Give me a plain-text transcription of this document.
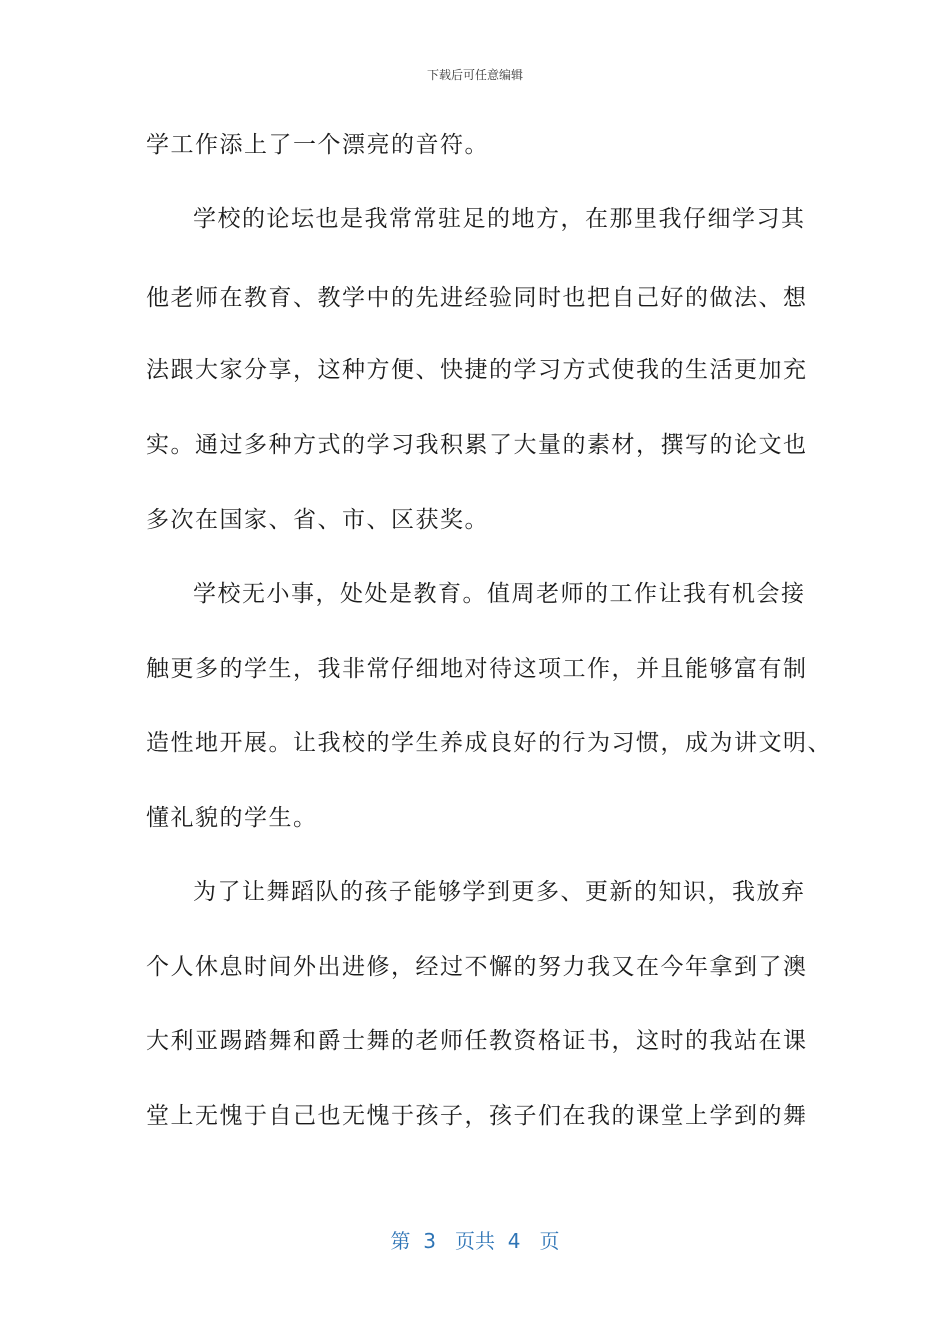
下载后可任意编辑
学工作添上了一个漂亮的音符。
学校的论坛也是我常常驻足的地方，在那里我仔细学习其
他老师在教育、教学中的先进经验同时也把自己好的做法、想
法跟大家分享，这种方便、快捷的学习方式使我的生活更加充
实。通过多种方式的学习我积累了大量的素材，撰写的论文也
多次在国家、省、市、区获奖。
学校无小事，处处是教育。值周老师的工作让我有机会接
触更多的学生，我非常仔细地对待这项工作，并且能够富有制
造性地开展。让我校的学生养成良好的行为习惯，成为讲文明、
懂礼貌的学生。
为了让舞蹈队的孩子能够学到更多、更新的知识，我放弃
个人休息时间外出进修，经过不懈的努力我又在今年拿到了澳
大利亚踢踏舞和爵士舞的老师任教资格证书，这时的我站在课
堂上无愧于自己也无愧于孩子，孩子们在我的课堂上学到的舞
第 3 页共 4 页
